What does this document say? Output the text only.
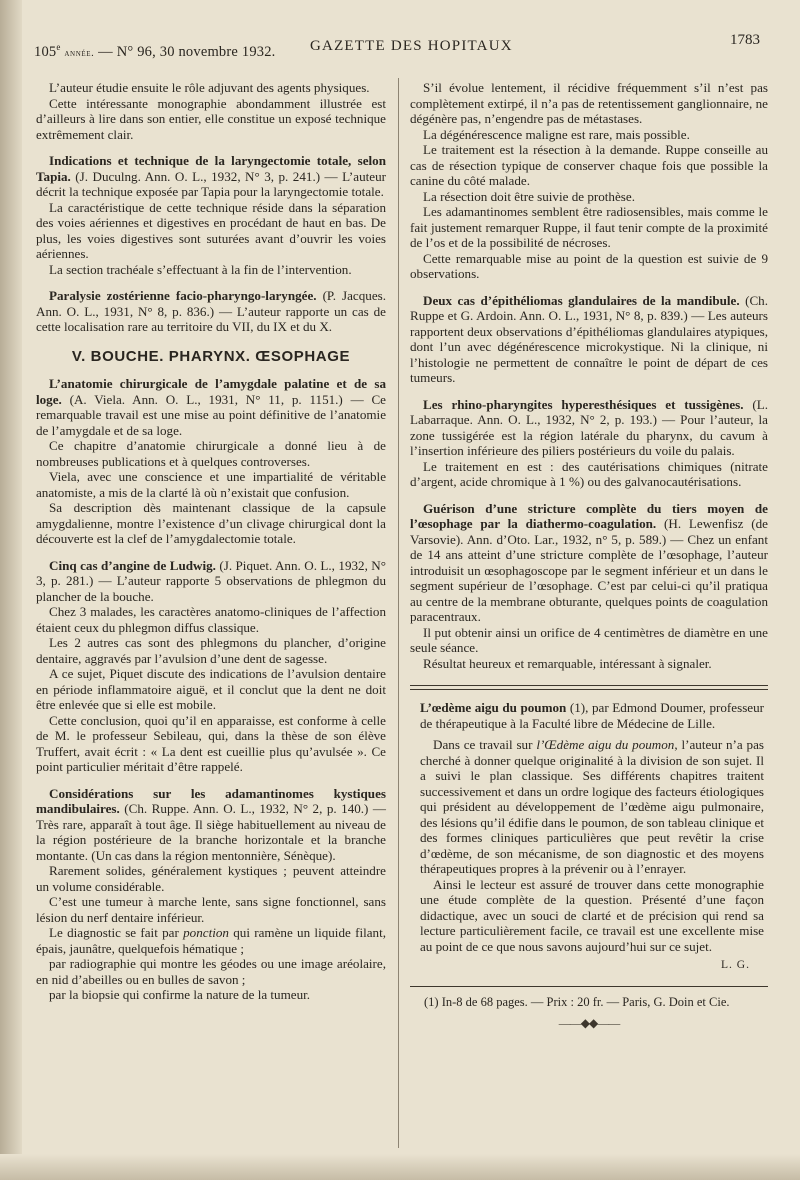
105e année. — N° 96, 30 novembre 1932. GAZETTE DES HOPITAUX	1783

L’auteur étudie ensuite le rôle adjuvant des agents physiques.

Cette intéressante monographie abondamment illustrée est d’ailleurs à lire dans son entier, elle constitue un exposé technique extrêmement clair.

Indications et technique de la laryngectomie totale, selon Tapia. (J. Duculng. Ann. O. L., 1932, N° 3, p. 241.) — L’auteur décrit la technique exposée par Tapia pour la laryngectomie totale.

La caractéristique de cette technique réside dans la séparation des voies aériennes et digestives en procédant de haut en bas. De plus, les voies digestives sont suturées avant d’ouvrir les voies aériennes.

La section trachéale s’effectuant à la fin de l’intervention.

Paralysie zostérienne facio-pharyngo-laryngée. (P. Jacques. Ann. O. L., 1931, N° 8, p. 836.) — L’auteur rapporte un cas de cette localisation rare au territoire du VII, du IX et du X.

V. BOUCHE. PHARYNX. ŒSOPHAGE

L’anatomie chirurgicale de l’amygdale palatine et de sa loge. (A. Viela. Ann. O. L., 1931, N° 11, p. 1151.) — Ce remarquable travail est une mise au point définitive de l’anatomie de l’amygdale et de sa loge.

Ce chapitre d’anatomie chirurgicale a donné lieu à de nombreuses publications et à quelques controverses.

Viela, avec une conscience et une impartialité de véritable anatomiste, a mis de la clarté là où n’existait que confusion.

Sa description dès maintenant classique de la capsule amygdalienne, montre l’existence d’un clivage chirurgical dont la découverte est la clef de l’amygdalectomie totale.

Cinq cas d’angine de Ludwig. (J. Piquet. Ann. O. L., 1932, N° 3, p. 281.) — L’auteur rapporte 5 observations de phlegmon du plancher de la bouche.

Chez 3 malades, les caractères anatomo-cliniques de l’affection étaient ceux du phlegmon diffus classique.

Les 2 autres cas sont des phlegmons du plancher, d’origine dentaire, aggravés par l’avulsion d’une dent de sagesse.

A ce sujet, Piquet discute des indications de l’avulsion dentaire en période inflammatoire aiguë, et il conclut que la dent ne doit être enlevée que si elle est mobile.

Cette conclusion, quoi qu’il en apparaisse, est conforme à celle de M. le professeur Sebileau, qui, dans la thèse de son élève Truffert, avait écrit : « La dent est cueillie plus qu’avulsée ». Ce point particulier méritait d’être rappelé.

Considérations sur les adamantinomes kystiques mandibulaires. (Ch. Ruppe. Ann. O. L., 1932, N° 2, p. 140.) — Très rare, apparaît à tout âge. Il siège habituellement au niveau de la région postérieure de la branche horizontale et la branche montante. (Un cas dans la région mentonnière, Sénèque).

Rarement solides, généralement kystiques ; peuvent atteindre un volume considérable.

C’est une tumeur à marche lente, sans signe fonctionnel, sans lésion du nerf dentaire inférieur.

Le diagnostic se fait par ponction qui ramène un liquide filant, épais, jaunâtre, quelquefois hématique ;

par radiographie qui montre les géodes ou une image aréolaire, en nid d’abeilles ou en bulles de savon ;

par la biopsie qui confirme la nature de la tumeur.

S’il évolue lentement, il récidive fréquemment s’il n’est pas complètement extirpé, il n’a pas de retentissement ganglionnaire, ne dégénère pas, n’engendre pas de métastases.

La dégénérescence maligne est rare, mais possible.

Le traitement est la résection à la demande. Ruppe conseille au cas de résection typique de conserver chaque fois que possible la canine du côté malade.

La résection doit être suivie de prothèse.

Les adamantinomes semblent être radiosensibles, mais comme le fait justement remarquer Ruppe, il faut tenir compte de la proximité de l’os et de la possibilité de nécroses.

Cette remarquable mise au point de la question est suivie de 9 observations.

Deux cas d’épithéliomas glandulaires de la mandibule. (Ch. Ruppe et G. Ardoin. Ann. O. L., 1931, N° 8, p. 839.) — Les auteurs rapportent deux observations d’épithéliomas glandulaires atypiques, dont l’un avec dégénérescence microkystique. Ni la clinique, ni l’histologie ne permettent de connaître le point de départ de ces tumeurs.

Les rhino-pharyngites hyperesthésiques et tussigènes. (L. Labarraque. Ann. O. L., 1932, N° 2, p. 193.) — Pour l’auteur, la zone tussigérée est la région latérale du pharynx, du cavum à l’insertion inférieure des piliers postérieurs du voile du palais.

Le traitement en est : des cautérisations chimiques (nitrate d’argent, acide chromique à 1 %) ou des galvanocautérisations.

Guérison d’une stricture complète du tiers moyen de l’œsophage par la diathermo-coagulation. (H. Lewenfisz (de Varsovie). Ann. d’Oto. Lar., 1932, n° 5, p. 589.) — Chez un enfant de 14 ans atteint d’une stricture complète de l’œsophage, l’auteur introduisit un œsophagoscope par le segment inférieur et un dans le segment supérieur de l’œsophage. C’est par celui-ci qu’il pratiqua au centre de la membrane obturante, quelques points de coagulation paracentraux.

Il put obtenir ainsi un orifice de 4 centimètres de diamètre en une seule séance.

Résultat heureux et remarquable, intéressant à signaler.

L’œdème aigu du poumon (1), par Edmond Doumer, professeur de thérapeutique à la Faculté libre de Médecine de Lille.

Dans ce travail sur l’Œdème aigu du poumon, l’auteur n’a pas cherché à donner quelque originalité à la division de son sujet. Il a suivi le plan classique. Ses différents chapitres traitent successivement et dans un ordre logique des facteurs étiologiques qui président au développement de l’œdème aigu pulmonaire, des lésions qu’il édifie dans le poumon, de son tableau clinique et des formes cliniques particulières que peut revêtir la crise d’œdème, de son mécanisme, de son diagnostic et des moyens thérapeutiques propres à la prévenir ou à l’enrayer.

Ainsi le lecteur est assuré de trouver dans cette monographie une étude complète de la question. Présenté d’une façon didactique, avec un souci de clarté et de précision qui rend sa lecture particulièrement facile, ce travail est une excellente mise au point de ce que nous savons aujourd’hui sur ce sujet.

L. G.

(1) In-8 de 68 pages. — Prix : 20 fr. — Paris, G. Doin et Cie.

——◆◆——
